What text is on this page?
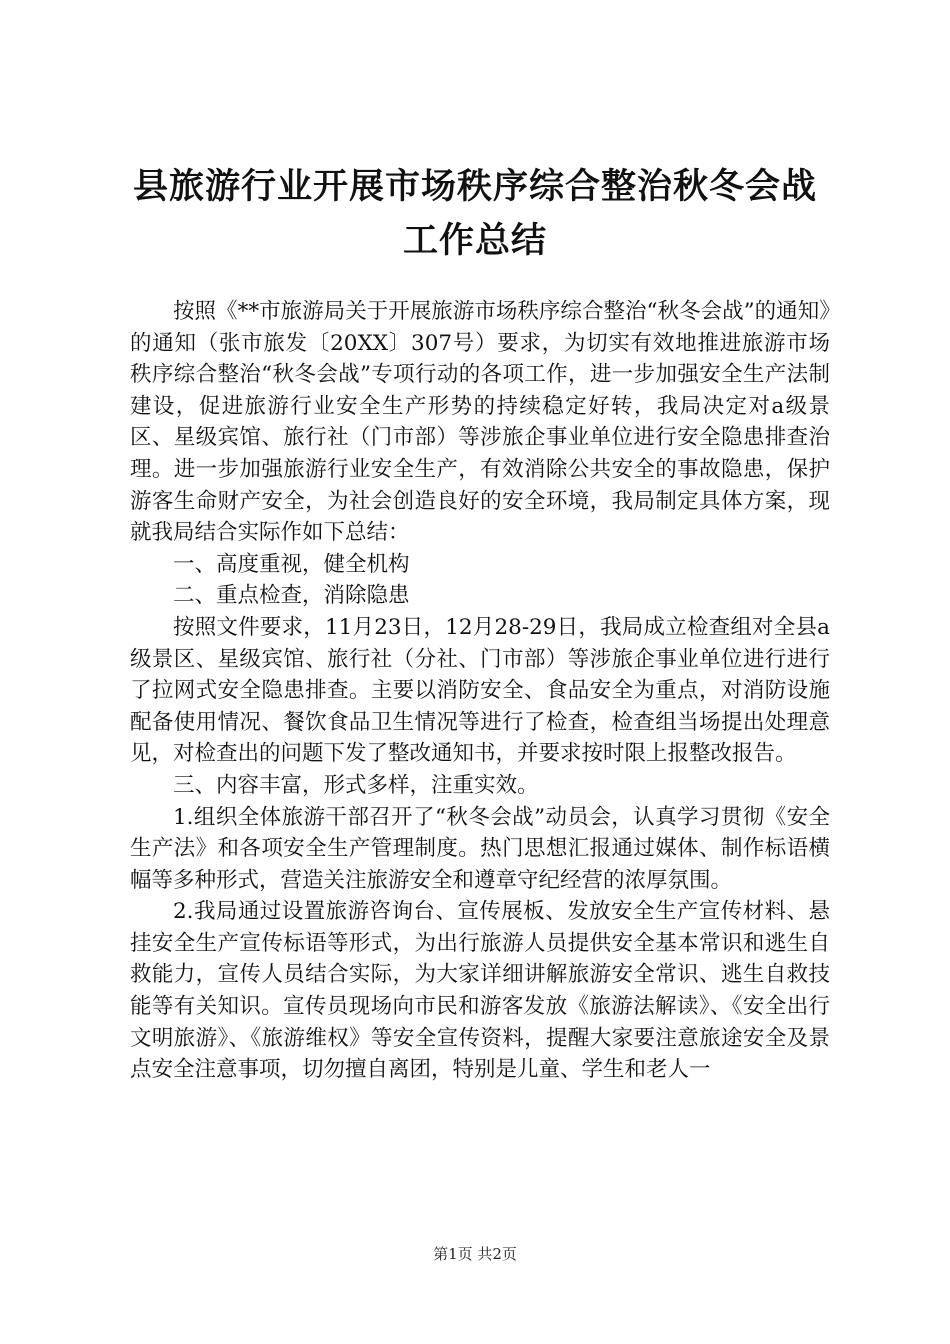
县旅游行业开展市场秩序综合整治秋冬会战工作总结

按照《**市旅游局关于开展旅游市场秩序综合整治“秋冬会战”的通知》的通知（张市旅发〔20XX〕307号）要求，为切实有效地推进旅游市场秩序综合整治“秋冬会战”专项行动的各项工作，进一步加强安全生产法制建设，促进旅游行业安全生产形势的持续稳定好转，我局决定对a级景区、星级宾馆、旅行社（门市部）等涉旅企事业单位进行安全隐患排查治理。进一步加强旅游行业安全生产，有效消除公共安全的事故隐患，保护游客生命财产安全，为社会创造良好的安全环境，我局制定具体方案，现就我局结合实际作如下总结：

一、高度重视，健全机构

二、重点检查，消除隐患

按照文件要求，11月23日，12月28-29日，我局成立检查组对全县a级景区、星级宾馆、旅行社（分社、门市部）等涉旅企事业单位进行进行了拉网式安全隐患排查。主要以消防安全、食品安全为重点，对消防设施配备使用情况、餐饮食品卫生情况等进行了检查，检查组当场提出处理意见，对检查出的问题下发了整改通知书，并要求按时限上报整改报告。

三、内容丰富，形式多样，注重实效。

1.组织全体旅游干部召开了“秋冬会战”动员会，认真学习贯彻《安全生产法》和各项安全生产管理制度。热门思想汇报通过媒体、制作标语横幅等多种形式，营造关注旅游安全和遵章守纪经营的浓厚氛围。

2.我局通过设置旅游咨询台、宣传展板、发放安全生产宣传材料、悬挂安全生产宣传标语等形式，为出行旅游人员提供安全基本常识和逃生自救能力，宣传人员结合实际，为大家详细讲解旅游安全常识、逃生自救技能等有关知识。宣传员现场向市民和游客发放《旅游法解读》、《安全出行文明旅游》、《旅游维权》等安全宣传资料，提醒大家要注意旅途安全及景点安全注意事项，切勿擅自离团，特别是儿童、学生和老人一

第1页 共2页
